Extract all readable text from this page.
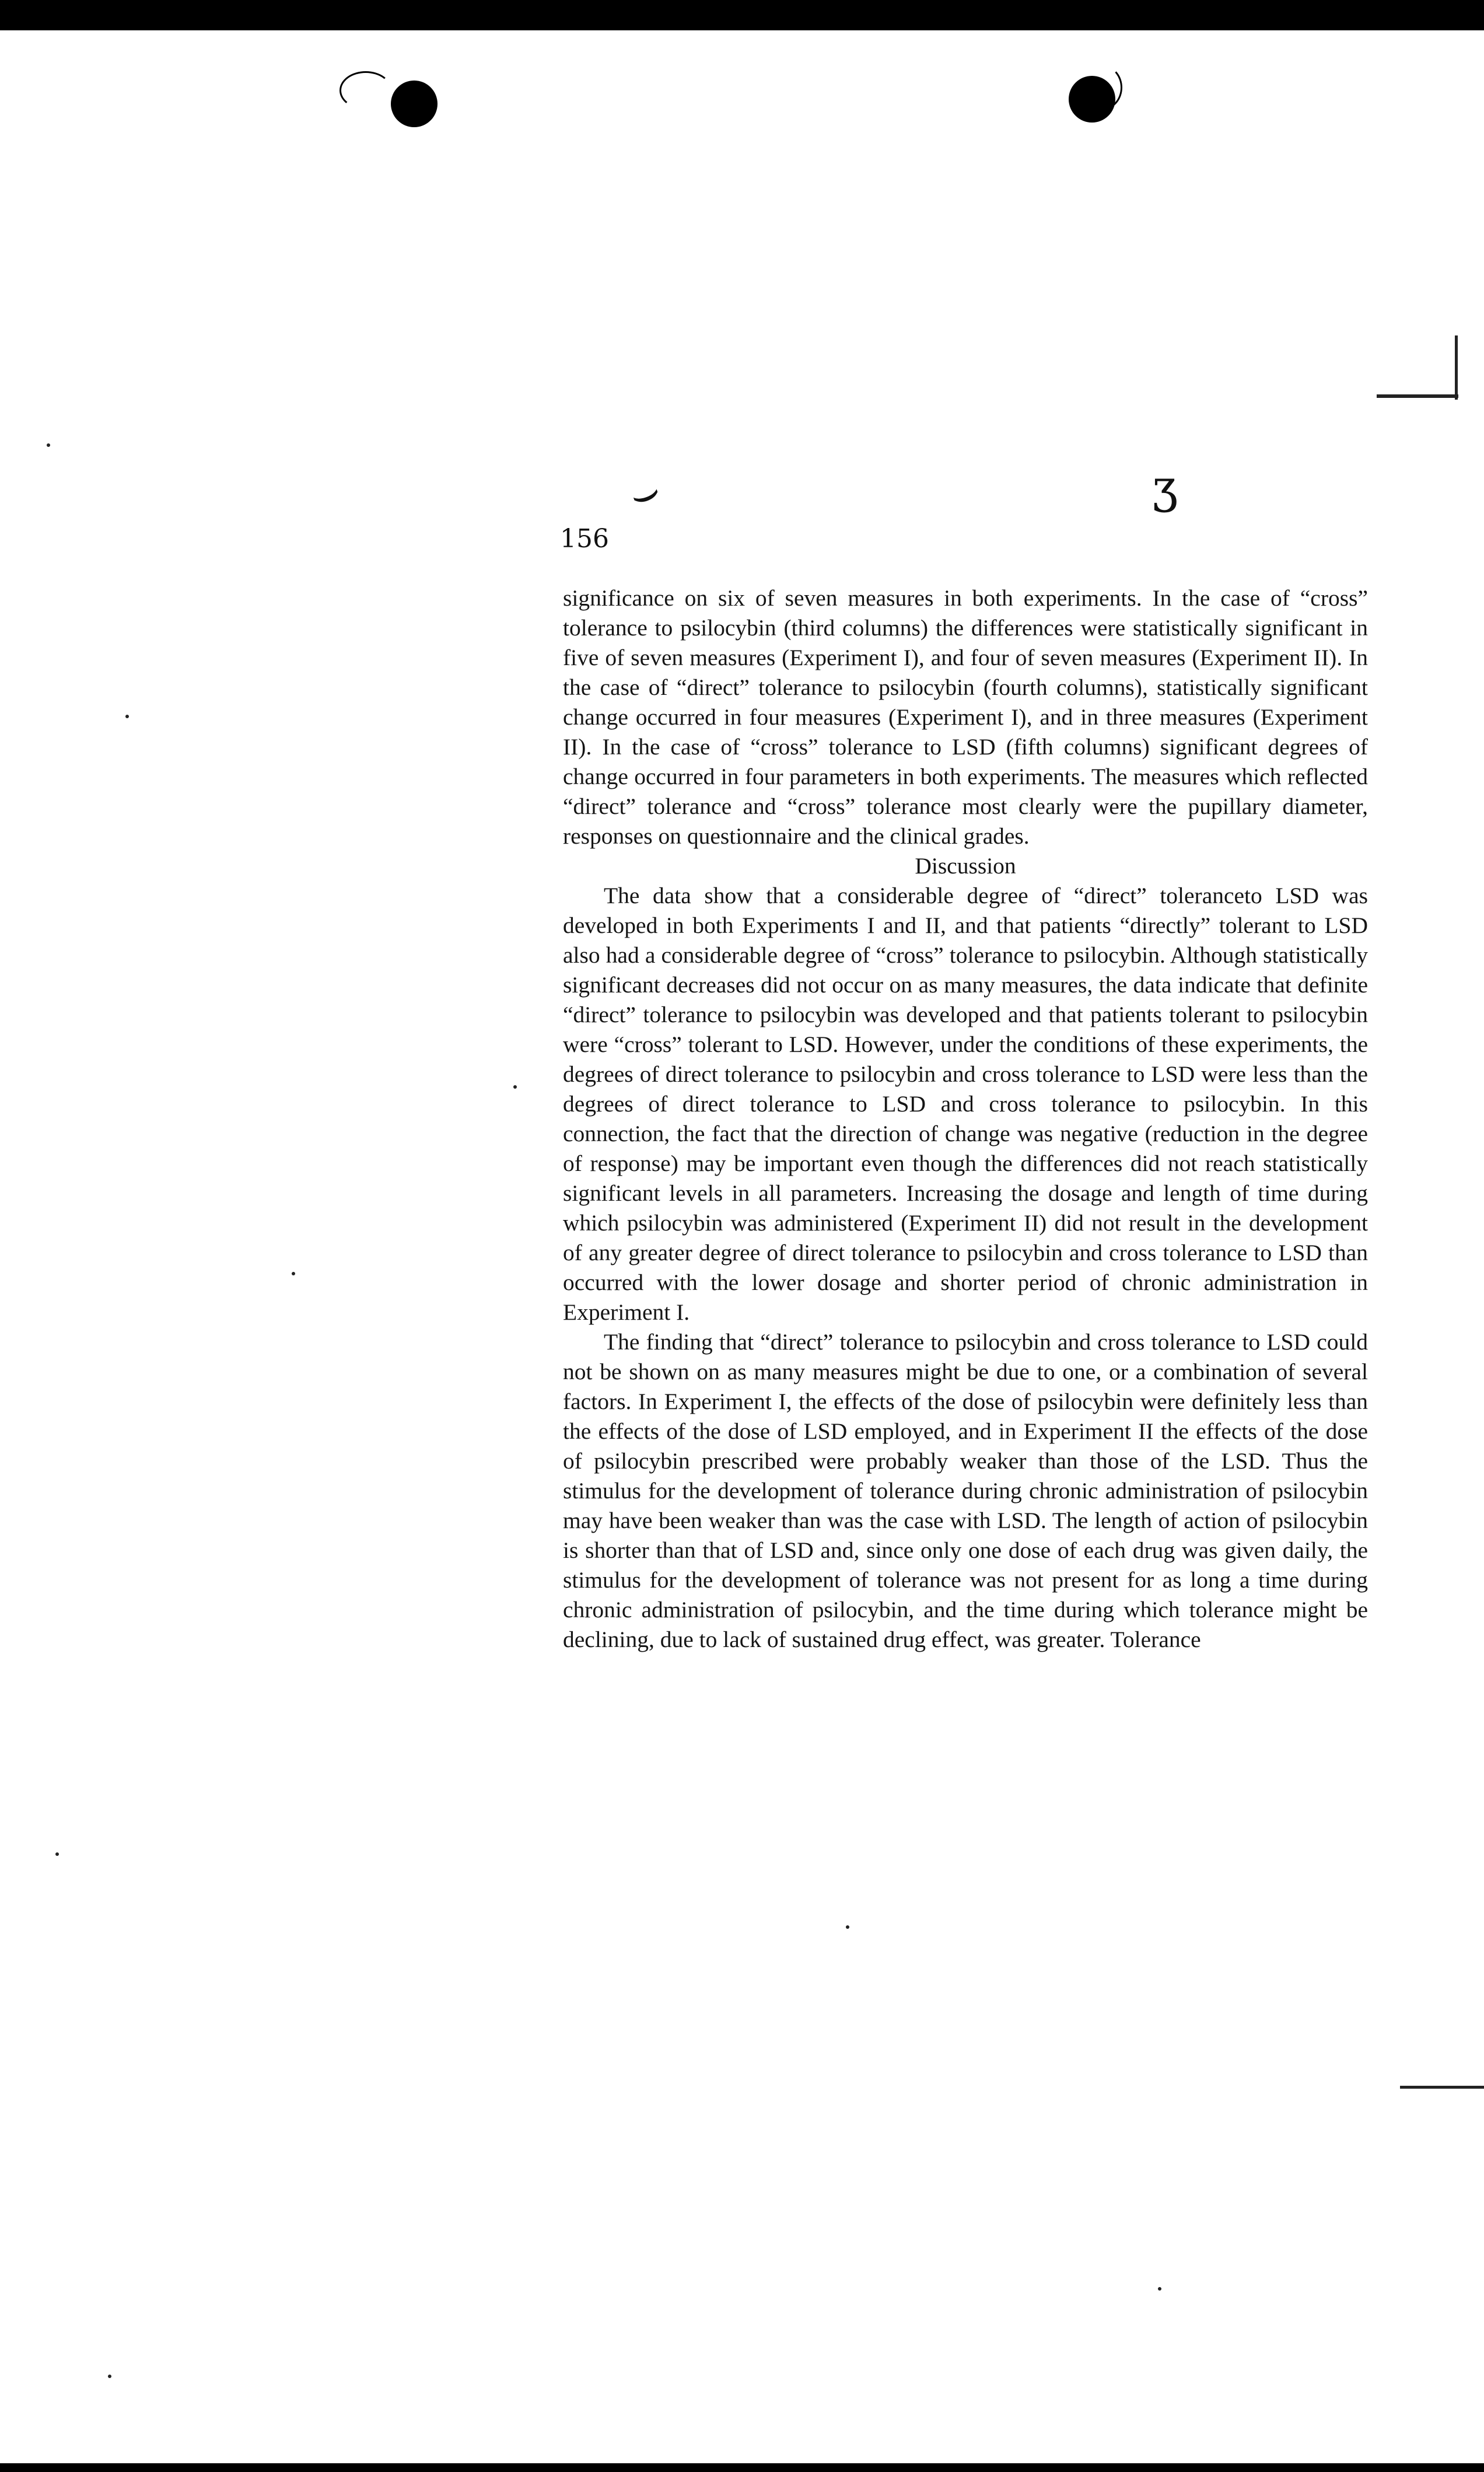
⌣	ʒ
156

significance on six of seven measures in both experiments. In the case of “cross” tolerance to psilocybin (third columns) the differences were statistically significant in five of seven measures (Experiment I), and four of seven measures (Experiment II). In the case of “direct” tolerance to psilocybin (fourth columns), statistically significant change occurred in four measures (Experiment I), and in three measures (Experiment II). In the case of “cross” tolerance to LSD (fifth columns) significant degrees of change occurred in four parameters in both experiments. The measures which reflected “direct” tolerance and “cross” tolerance most clearly were the pupillary diameter, responses on questionnaire and the clinical grades.

Discussion

The data show that a considerable degree of “direct” toleranceto LSD was developed in both Experiments I and II, and that patients “directly” tolerant to LSD also had a considerable degree of “cross” tolerance to psilocybin. Although statistically significant decreases did not occur on as many measures, the data indicate that definite “direct” tolerance to psilocybin was developed and that patients tolerant to psilocybin were “cross” tolerant to LSD. However, under the conditions of these experiments, the degrees of direct tolerance to psilocybin and cross tolerance to LSD were less than the degrees of direct tolerance to LSD and cross tolerance to psilocybin. In this connection, the fact that the direction of change was negative (reduction in the degree of response) may be important even though the differences did not reach statistically significant levels in all parameters. Increasing the dosage and length of time during which psilocybin was administered (Experiment II) did not result in the development of any greater degree of direct tolerance to psilocybin and cross tolerance to LSD than occurred with the lower dosage and shorter period of chronic administration in Experiment I.

The finding that “direct” tolerance to psilocybin and cross tolerance to LSD could not be shown on as many measures might be due to one, or a combination of several factors. In Experiment I, the effects of the dose of psilocybin were definitely less than the effects of the dose of LSD employed, and in Experiment II the effects of the dose of psilocybin prescribed were probably weaker than those of the LSD. Thus the stimulus for the development of tolerance during chronic administration of psilocybin may have been weaker than was the case with LSD. The length of action of psilocybin is shorter than that of LSD and, since only one dose of each drug was given daily, the stimulus for the development of tolerance was not present for as long a time during chronic administration of psilocybin, and the time during which tolerance might be declining, due to lack of sustained drug effect, was greater. Tolerance
